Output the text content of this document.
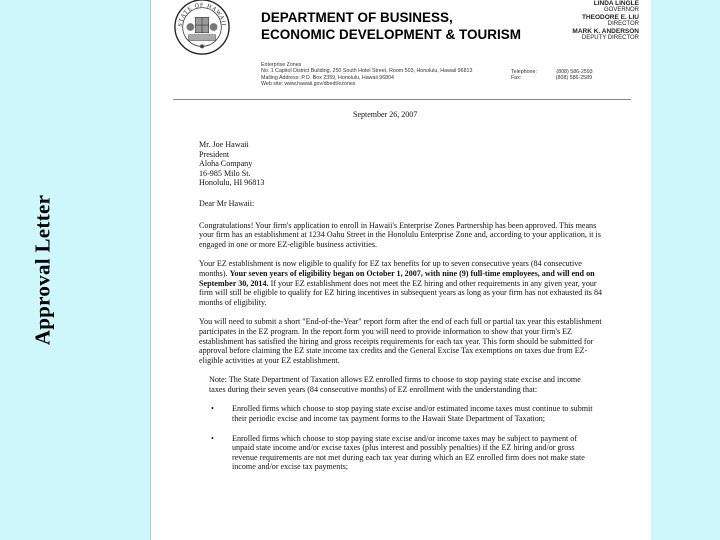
Approval Letter
STATE OF HAWAII
DEPARTMENT OF BUSINESS,
ECONOMIC DEVELOPMENT & TOURISM
LINDA LINGLE
GOVERNOR
THEODORE E. LIU
DIRECTOR
MARK K. ANDERSON
DEPUTY DIRECTOR
Enterprise Zones
No. 1 Capitol District Building, 250 South Hotel Street, Room 503, Honolulu, Hawaii 96813
Mailing Address: P.O. Box 2359, Honolulu, Hawaii 96804
Web site: www.hawaii.gov/dbedt/ezones
Telephone:	(808) 586-2593
Fax:	(808) 586-2589
September 26, 2007
Mr. Joe Hawaii
President
Aloha Company
16-985 Milo St.
Honolulu, HI 96813
Dear Mr Hawaii:
Congratulations! Your firm's application to enroll in Hawaii's Enterprise Zones Partnership has been approved. This means your firm has an establishment at 1234 Oahu Street in the Honolulu Enterprise Zone and, according to your application, it is engaged in one or more EZ-eligible business activities.
Your EZ establishment is now eligible to qualify for EZ tax benefits for up to seven consecutive years (84 consecutive months). Your seven years of eligibility began on October 1, 2007, with nine (9) full-time employees, and will end on September 30, 2014. If your EZ establishment does not meet the EZ hiring and other requirements in any given year, your firm will still be eligible to qualify for EZ hiring incentives in subsequent years as long as your firm has not exhausted its 84 months of eligibility.
You will need to submit a short "End-of-the-Year" report form after the end of each full or partial tax year this establishment participates in the EZ program. In the report form you will need to provide information to show that your firm's EZ establishment has satisfied the hiring and gross receipts requirements for each tax year. This form should be submitted for approval before claiming the EZ state income tax credits and the General Excise Tax exemptions on taxes due from EZ-eligible activities at your EZ establishment.
Note: The State Department of Taxation allows EZ enrolled firms to choose to stop paying state excise and income taxes during their seven years (84 consecutive months) of EZ enrollment with the understanding that:
•	Enrolled firms which choose to stop paying state excise and/or estimated income taxes must continue to submit their periodic excise and income tax payment forms to the Hawaii State Department of Taxation;
•	Enrolled firms which choose to stop paying state excise and/or income taxes may be subject to payment of unpaid state income and/or excise taxes (plus interest and possibly penalties) if the EZ hiring and/or gross revenue requirements are not met during each tax year during which an EZ enrolled firm does not make state income and/or excise tax payments;
